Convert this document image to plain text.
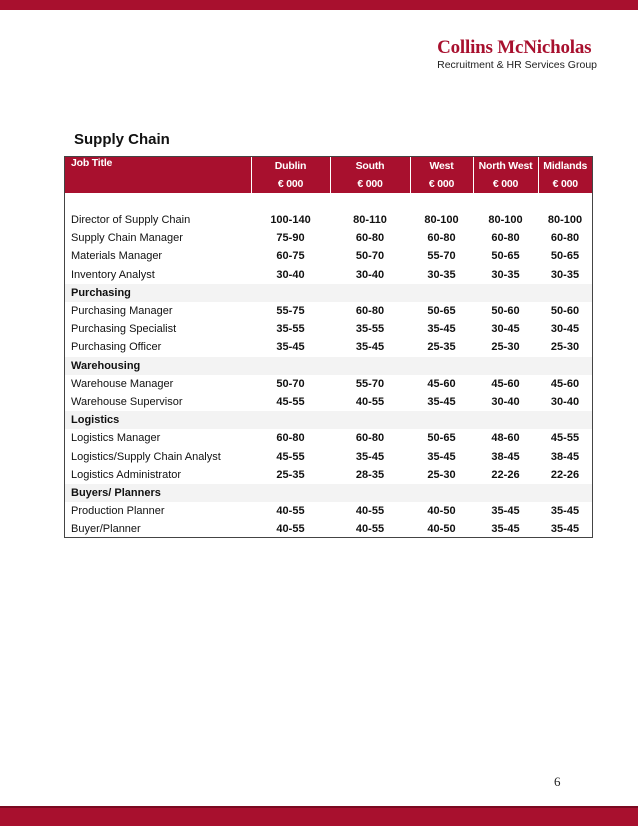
Collins McNicholas
Recruitment & HR Services Group
Supply Chain
Job Title	Dublin	South	West	North West	Midlands
	€ 000	€ 000	€ 000	€ 000	€ 000

Director of Supply Chain	100-140	80-110	80-100	80-100	80-100
Supply Chain Manager	75-90	60-80	60-80	60-80	60-80
Materials Manager	60-75	50-70	55-70	50-65	50-65
Inventory Analyst	30-40	30-40	30-35	30-35	30-35
Purchasing					
Purchasing Manager	55-75	60-80	50-65	50-60	50-60
Purchasing Specialist	35-55	35-55	35-45	30-45	30-45
Purchasing Officer	35-45	35-45	25-35	25-30	25-30
Warehousing					
Warehouse Manager	50-70	55-70	45-60	45-60	45-60
Warehouse Supervisor	45-55	40-55	35-45	30-40	30-40
Logistics					
Logistics Manager	60-80	60-80	50-65	48-60	45-55
Logistics/Supply Chain Analyst	45-55	35-45	35-45	38-45	38-45
Logistics Administrator	25-35	28-35	25-30	22-26	22-26
Buyers/ Planners					
Production Planner	40-55	40-55	40-50	35-45	35-45
Buyer/Planner	40-55	40-55	40-50	35-45	35-45
6
